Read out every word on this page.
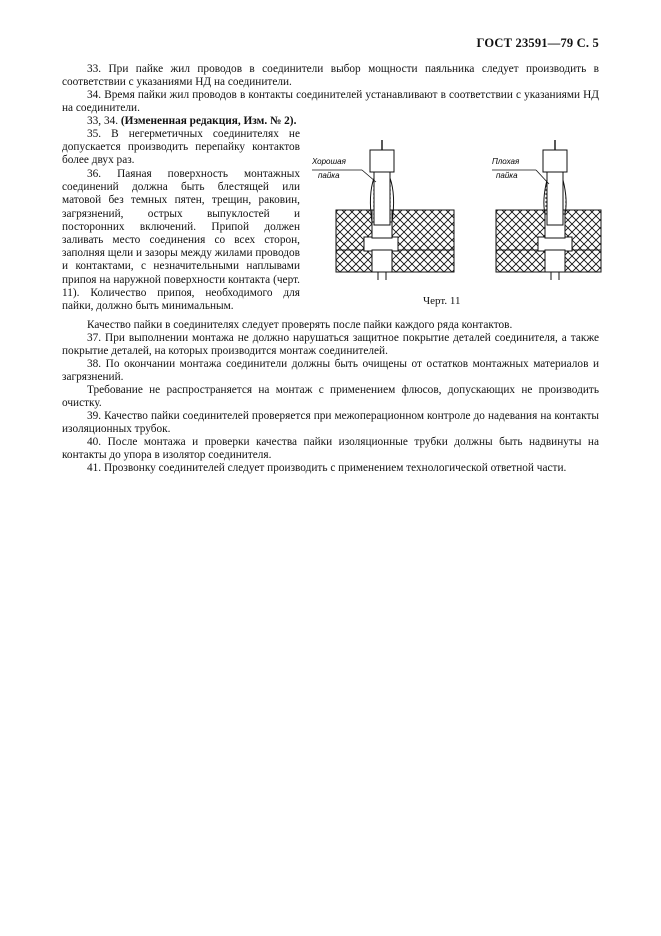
ГОСТ 23591—79 С. 5
33. При пайке жил проводов в соединители выбор мощности паяльника следует производить в соответствии с указаниями НД на соединители.
34. Время пайки жил проводов в контакты соединителей устанавливают в соответствии с указаниями НД на соединители.
33, 34. (Измененная редакция, Изм. № 2).
35. В негерметичных соединителях не допускается производить перепайку контактов более двух раз.
36. Паяная поверхность монтажных соединений должна быть блестящей или матовой без темных пятен, трещин, раковин, загрязнений, острых выпуклостей и посторонних включений. Припой должен заливать место соединения со всех сторон, заполняя щели и зазоры между жилами проводов и контактами, с незначительными наплывами припоя на наружной поверхности контакта (черт. 11). Количество припоя, необходимого для пайки, должно быть минимальным.
Хорошая
пайка
Плохая
пайка
Черт. 11
Качество пайки в соединителях следует проверять после пайки каждого ряда контактов.
37. При выполнении монтажа не должно нарушаться защитное покрытие деталей соединителя, а также покрытие деталей, на которых производится монтаж соединителей.
38. По окончании монтажа соединители должны быть очищены от остатков монтажных материалов и загрязнений.
Требование не распространяется на монтаж с применением флюсов, допускающих не производить очистку.
39. Качество пайки соединителей проверяется при межоперационном контроле до надевания на контакты изоляционных трубок.
40. После монтажа и проверки качества пайки изоляционные трубки должны быть надвинуты на контакты до упора в изолятор соединителя.
41. Прозвонку соединителей следует производить с применением технологической ответной части.
